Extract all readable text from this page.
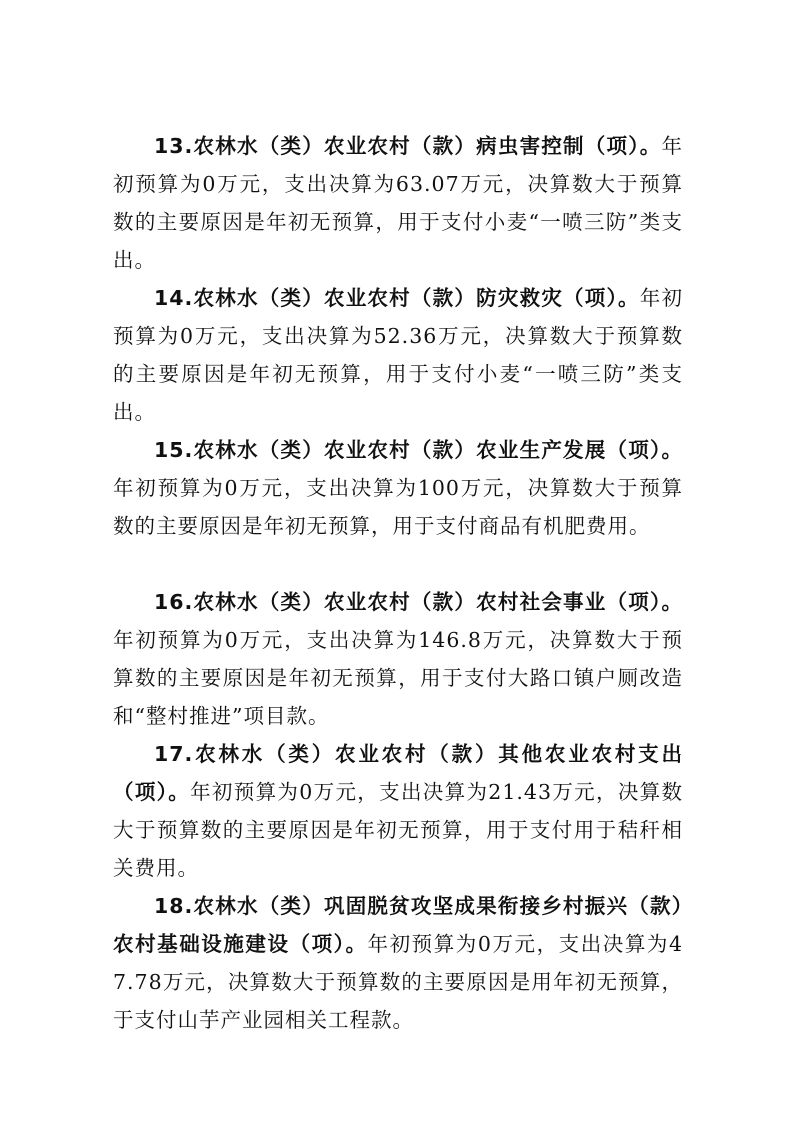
13.农林水（类）农业农村（款）病虫害控制（项）。年初预算为0万元，支出决算为63.07万元，决算数大于预算数的主要原因是年初无预算，用于支付小麦“一喷三防”类支出。

14.农林水（类）农业农村（款）防灾救灾（项）。年初预算为0万元，支出决算为52.36万元，决算数大于预算数的主要原因是年初无预算，用于支付小麦“一喷三防”类支出。

15.农林水（类）农业农村（款）农业生产发展（项）。年初预算为0万元，支出决算为100万元，决算数大于预算数的主要原因是年初无预算，用于支付商品有机肥费用。

16.农林水（类）农业农村（款）农村社会事业（项）。年初预算为0万元，支出决算为146.8万元，决算数大于预算数的主要原因是年初无预算，用于支付大路口镇户厕改造和“整村推进”项目款。

17.农林水（类）农业农村（款）其他农业农村支出（项）。年初预算为0万元，支出决算为21.43万元，决算数大于预算数的主要原因是年初无预算，用于支付用于秸秆相关费用。

18.农林水（类）巩固脱贫攻坚成果衔接乡村振兴（款）农村基础设施建设（项）。年初预算为0万元，支出决算为47.78万元，决算数大于预算数的主要原因是用年初无预算，于支付山芋产业园相关工程款。
